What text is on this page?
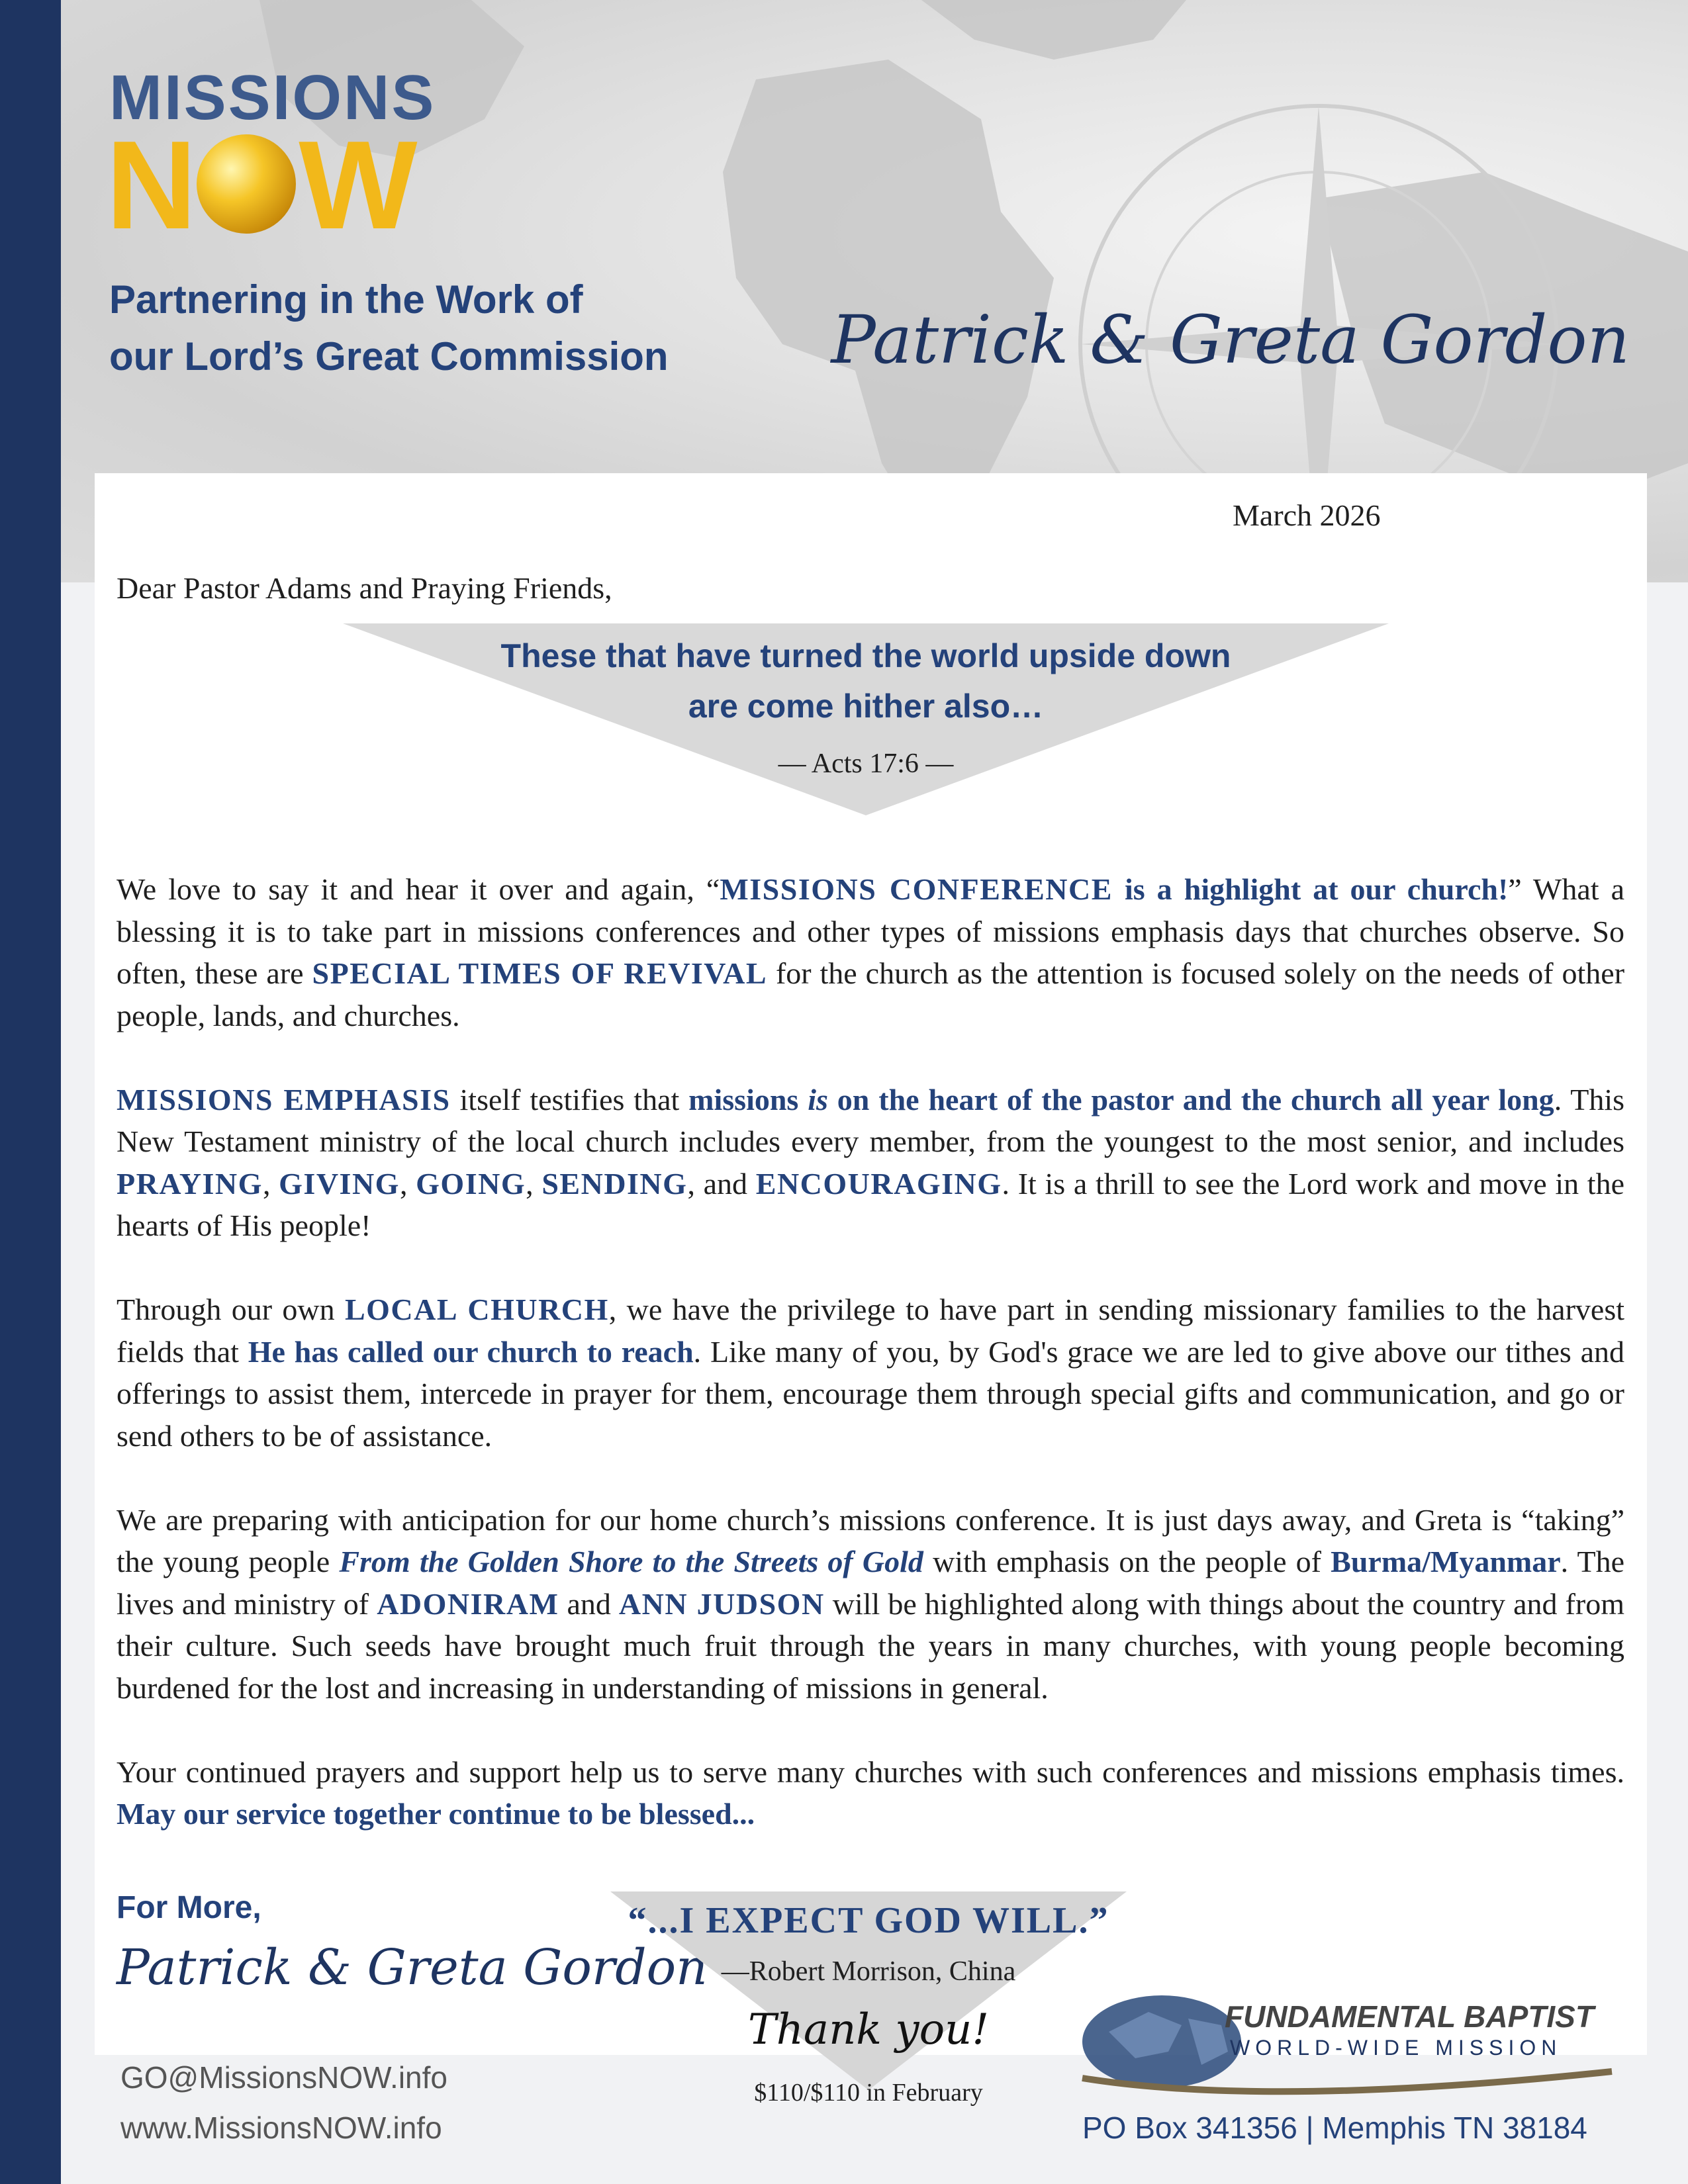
MISSIONS
N W
Partnering in the Work of
our Lord’s Great Commission Patrick & Greta Gordon
March 2026
Dear Pastor Adams and Praying Friends,
These that have turned the world upside down
are come hither also…
— Acts 17:6 —

We love to say it and hear it over and again, “MISSIONS CONFERENCE is a highlight at our church!” What a blessing it is to take part in missions conferences and other types of missions emphasis days that churches observe. So often, these are SPECIAL TIMES OF REVIVAL for the church as the attention is focused solely on the needs of other people, lands, and churches.

MISSIONS EMPHASIS itself testifies that missions is on the heart of the pastor and the church all year long. This New Testament ministry of the local church includes every member, from the youngest to the most senior, and includes PRAYING, GIVING, GOING, SENDING, and ENCOURAGING. It is a thrill to see the Lord work and move in the hearts of His people!

Through our own LOCAL CHURCH, we have the privilege to have part in sending missionary families to the harvest fields that He has called our church to reach. Like many of you, by God's grace we are led to give above our tithes and offerings to assist them, intercede in prayer for them, encourage them through special gifts and communication, and go or send others to be of assistance.

We are preparing with anticipation for our home church’s missions conference. It is just days away, and Greta is “taking” the young people From the Golden Shore to the Streets of Gold with emphasis on the people of Burma/Myanmar. The lives and ministry of ADONIRAM and ANN JUDSON will be highlighted along with things about the country and from their culture. Such seeds have brought much fruit through the years in many churches, with young people becoming burdened for the lost and increasing in understanding of missions in general.

Your continued prayers and support help us to serve many churches with such conferences and missions emphasis times. May our service together continue to be blessed...

For More,
Patrick & Greta Gordon
“...I EXPECT GOD WILL.”
—Robert Morrison, China
Thank you!
$110/$110 in February
GO@MissionsNOW.info
www.MissionsNOW.info
FUNDAMENTAL BAPTIST
WORLD-WIDE MISSION
PO Box 341356 | Memphis TN 38184
